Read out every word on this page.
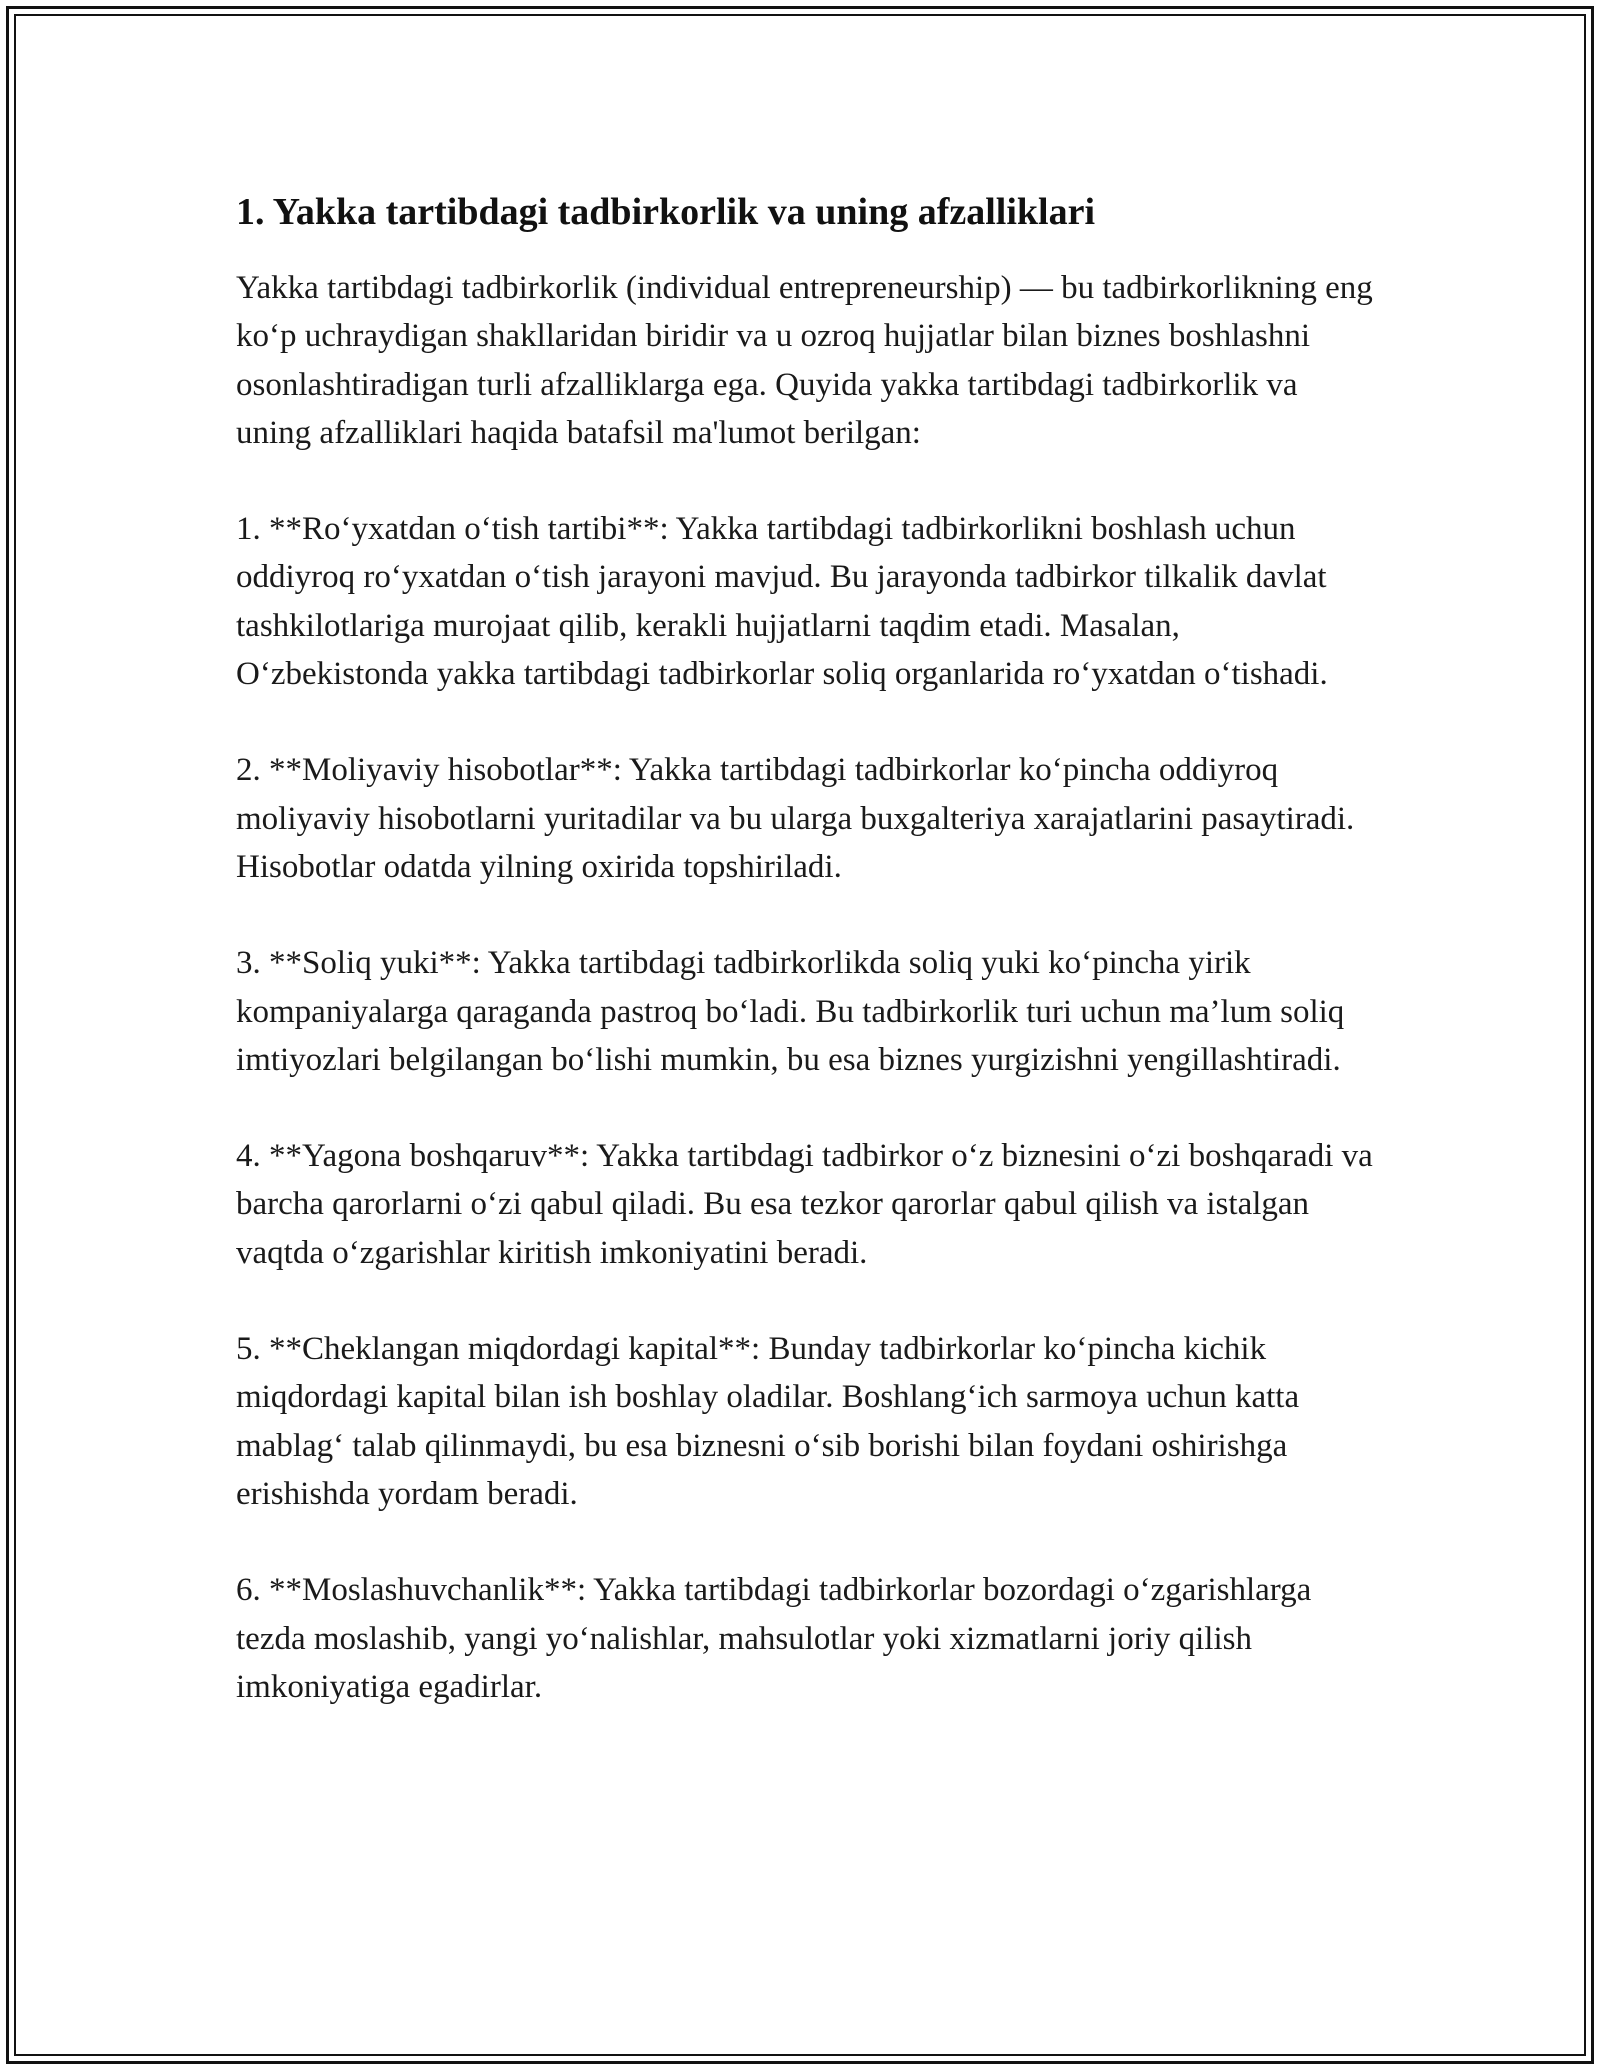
1. Yakka tartibdagi tadbirkorlik va uning afzalliklari

Yakka tartibdagi tadbirkorlik (individual entrepreneurship) — bu tadbirkorlikning eng ko‘p uchraydigan shakllaridan biridir va u ozroq hujjatlar bilan biznes boshlashni osonlashtiradigan turli afzalliklarga ega. Quyida yakka tartibdagi tadbirkorlik va uning afzalliklari haqida batafsil ma'lumot berilgan:

1. **Ro‘yxatdan o‘tish tartibi**: Yakka tartibdagi tadbirkorlikni boshlash uchun oddiyroq ro‘yxatdan o‘tish jarayoni mavjud. Bu jarayonda tadbirkor tilkalik davlat tashkilotlariga murojaat qilib, kerakli hujjatlarni taqdim etadi. Masalan, O‘zbekistonda yakka tartibdagi tadbirkorlar soliq organlarida ro‘yxatdan o‘tishadi.

2. **Moliyaviy hisobotlar**: Yakka tartibdagi tadbirkorlar ko‘pincha oddiyroq moliyaviy hisobotlarni yuritadilar va bu ularga buxgalteriya xarajatlarini pasaytiradi. Hisobotlar odatda yilning oxirida topshiriladi.

3. **Soliq yuki**: Yakka tartibdagi tadbirkorlikda soliq yuki ko‘pincha yirik kompaniyalarga qaraganda pastroq bo‘ladi. Bu tadbirkorlik turi uchun ma’lum soliq imtiyozlari belgilangan bo‘lishi mumkin, bu esa biznes yurgizishni yengillashtiradi.

4. **Yagona boshqaruv**: Yakka tartibdagi tadbirkor o‘z biznesini o‘zi boshqaradi va barcha qarorlarni o‘zi qabul qiladi. Bu esa tezkor qarorlar qabul qilish va istalgan vaqtda o‘zgarishlar kiritish imkoniyatini beradi.

5. **Cheklangan miqdordagi kapital**: Bunday tadbirkorlar ko‘pincha kichik miqdordagi kapital bilan ish boshlay oladilar. Boshlang‘ich sarmoya uchun katta mablag‘ talab qilinmaydi, bu esa biznesni o‘sib borishi bilan foydani oshirishga erishishda yordam beradi.

6. **Moslashuvchanlik**: Yakka tartibdagi tadbirkorlar bozordagi o‘zgarishlarga tezda moslashib, yangi yo‘nalishlar, mahsulotlar yoki xizmatlarni joriy qilish imkoniyatiga egadirlar.
